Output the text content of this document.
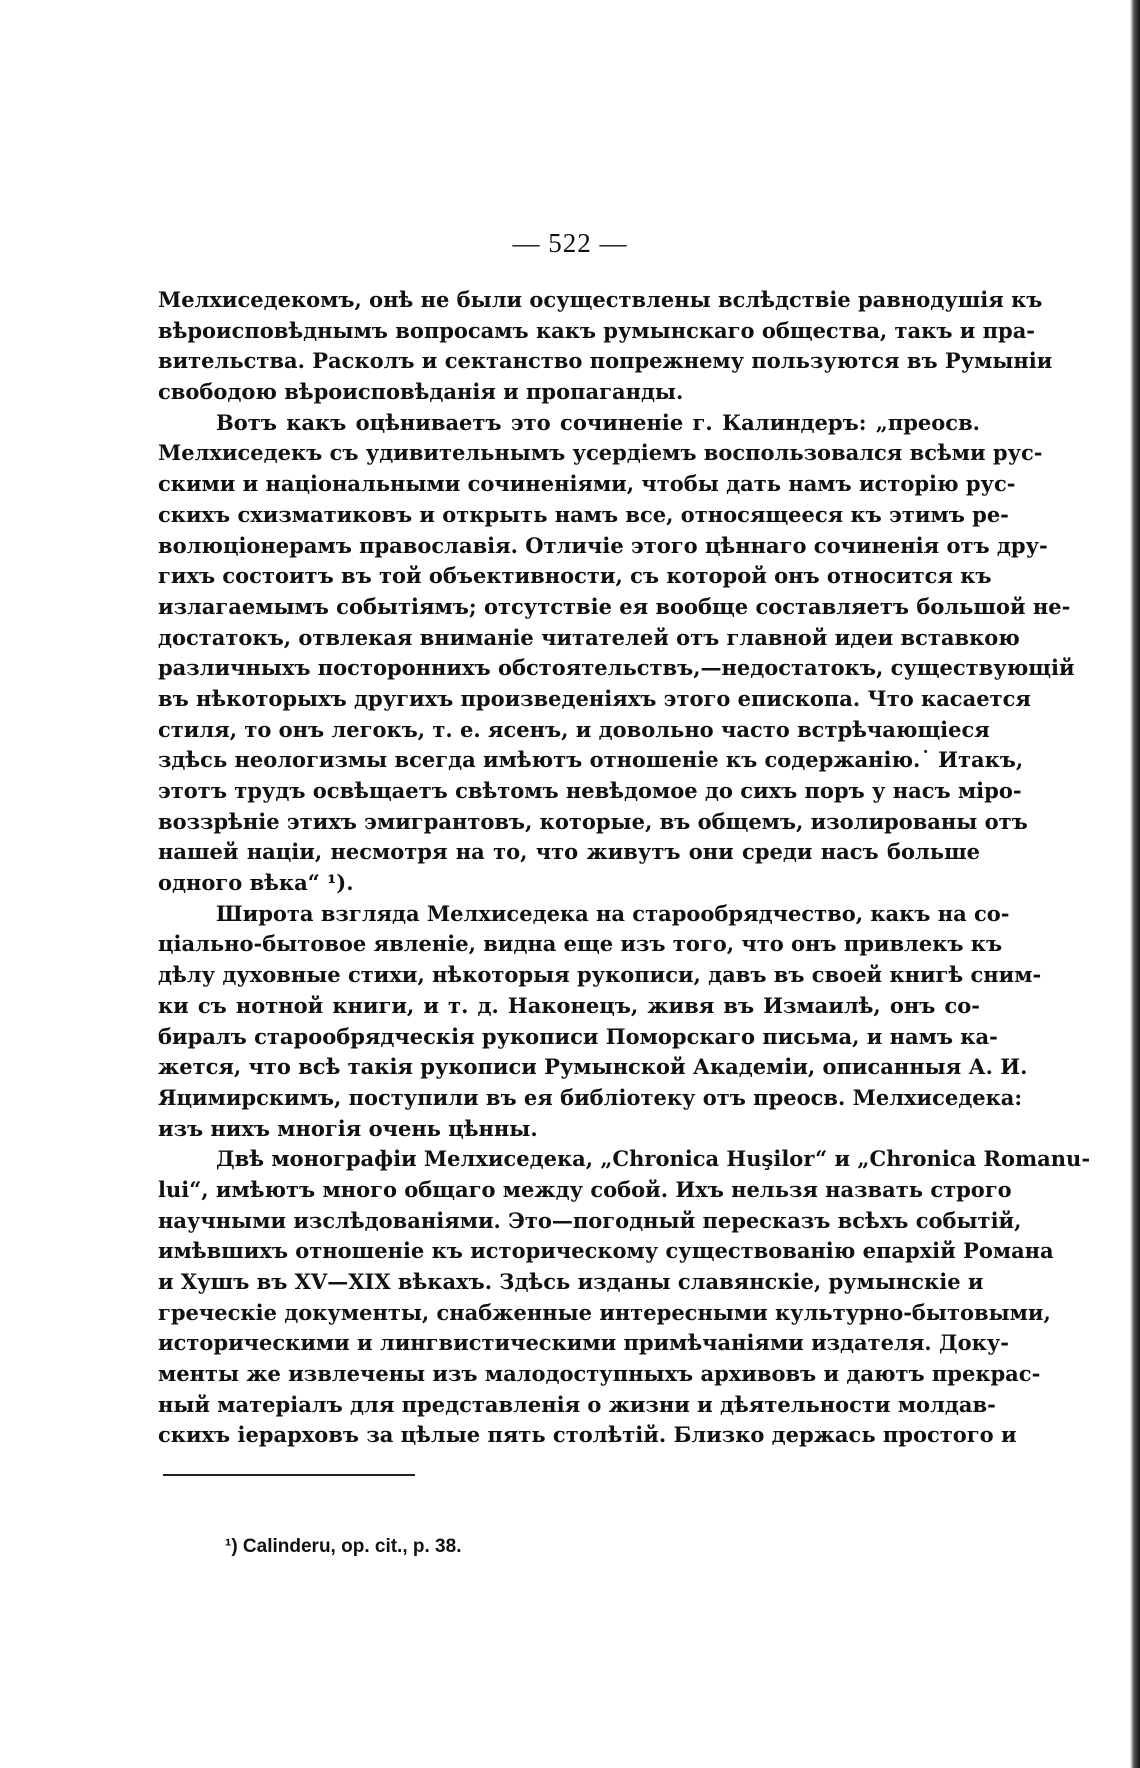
— 522 —
Мелхиседекомъ, онѣ не были осуществлены вслѣдствіе равнодушія къ
вѣроисповѣднымъ вопросамъ какъ румынскаго общества, такъ и пра-
вительства. Расколъ и сектанство попрежнему пользуются въ Румыніи
свободою вѣроисповѣданія и пропаганды.
Вотъ какъ оцѣниваетъ это сочиненіе г. Калиндеръ: „преосв.
Мелхиседекъ съ удивительнымъ усердіемъ воспользовался всѣми рус-
скими и національными сочиненіями, чтобы дать намъ исторію рус-
скихъ схизматиковъ и открыть намъ все, относящееся къ этимъ ре-
волюціонерамъ православія. Отличіе этого цѣннаго сочиненія отъ дру-
гихъ состоитъ въ той объективности, съ которой онъ относится къ
излагаемымъ событіямъ; отсутствіе ея вообще составляетъ большой не-
достатокъ, отвлекая вниманіе читателей отъ главной идеи вставкою
различныхъ посторонниxъ обстоятельствъ,—недостатокъ, существующій
въ нѣкоторыхъ другихъ произведеніяхъ этого епископа. Что касается
стиля, то онъ легокъ, т. е. ясенъ, и довольно часто встрѣчающіеся
здѣсь неологизмы всегда имѣютъ отношеніе къ содержанію.˙ Итакъ,
этотъ трудъ освѣщаетъ свѣтомъ невѣдомое до сихъ поръ у насъ міро-
воззрѣніе этихъ эмигрантовъ, которые, въ общемъ, изолированы отъ
нашей націи, несмотря на то, что живутъ они среди насъ больше
одного вѣка“ ¹).
Широта взгляда Мелхиседека на старообрядчество, какъ на со-
ціально-бытовое явленіе, видна еще изъ того, что онъ привлекъ къ
дѣлу духовные стихи, нѣкоторыя рукописи, давъ въ своей книгѣ сним-
ки съ нотной книги, и т. д. Наконецъ, живя въ Измаилѣ, онъ со-
биралъ старообрядческія рукописи Поморскаго письма, и намъ ка-
жется, что всѣ такія рукописи Румынской Академіи, описанныя А. И.
Яцимирскимъ, поступили въ ея библіотеку отъ преосв. Мелхиседека:
изъ нихъ многія очень цѣнны.
Двѣ монографіи Мелхиседека, „Chronica Huşilor“ и „Chronica Romanu-
lui“, имѣютъ много общаго между собой. Ихъ нельзя назвать строго
научными изслѣдованіями. Это—погодный пересказъ всѣхъ событій,
имѣвшихъ отношеніе къ историческому существованію епархій Романа
и Хушъ въ XV—XIX вѣкахъ. Здѣсь изданы славянскіе, румынскіе и
греческіе документы, снабженные интересными культурно-бытовыми,
историческими и лингвистическими примѣчаніями издателя. Доку-
менты же извлечены изъ малодоступныхъ архивовъ и даютъ прекрас-
ный матеріалъ для представленія о жизни и дѣятельности молдав-
скихъ іерарховъ за цѣлые пять столѣтій. Близко держась простого и
¹) Calinderu, op. cit., p. 38.
